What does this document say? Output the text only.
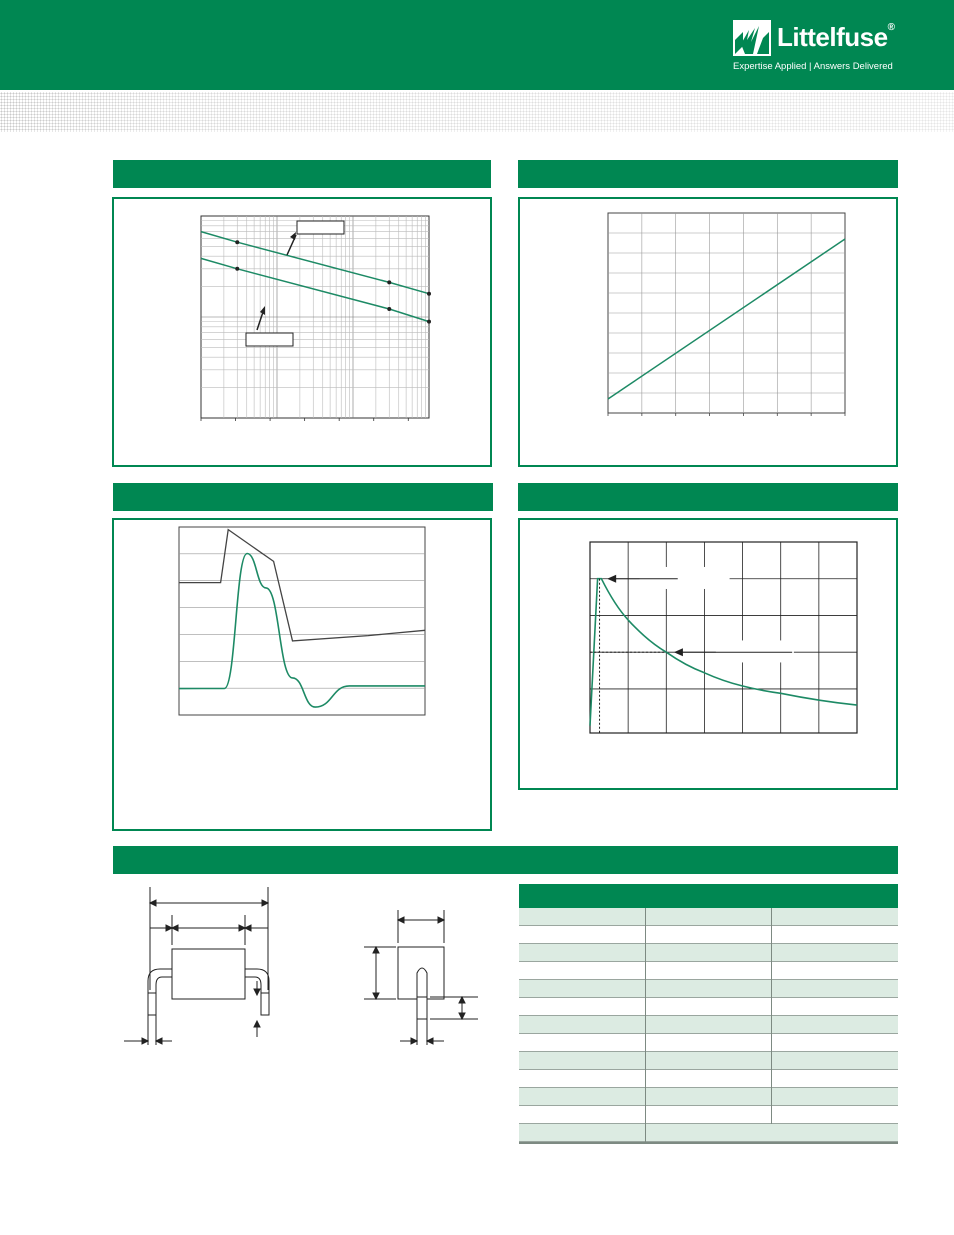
Littelfuse®
Expertise Applied | Answers Delivered
